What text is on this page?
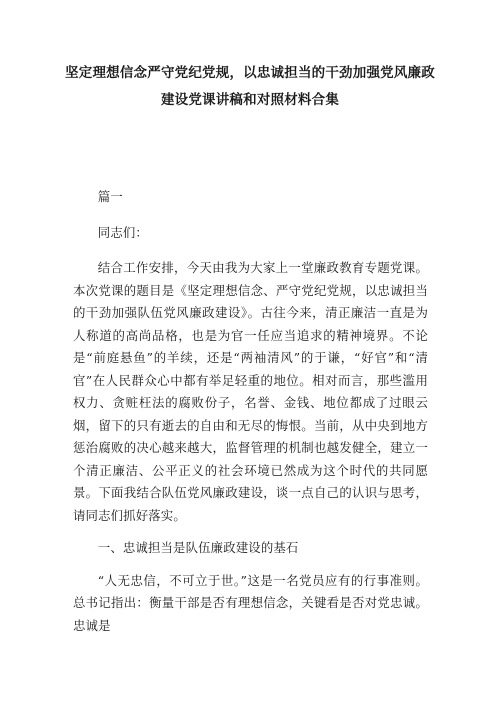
坚定理想信念严守党纪党规，以忠诚担当的干劲加强党风廉政建设党课讲稿和对照材料合集

篇一

同志们：

结合工作安排，今天由我为大家上一堂廉政教育专题党课。本次党课的题目是《坚定理想信念、严守党纪党规，以忠诚担当的干劲加强队伍党风廉政建设》。古往今来，清正廉洁一直是为人称道的高尚品格，也是为官一任应当追求的精神境界。不论是“前庭悬鱼”的羊续，还是“两袖清风”的于谦，“好官”和“清官”在人民群众心中都有举足轻重的地位。相对而言，那些滥用权力、贪赃枉法的腐败份子，名誉、金钱、地位都成了过眼云烟，留下的只有逝去的自由和无尽的悔恨。当前，从中央到地方惩治腐败的决心越来越大，监督管理的机制也越发健全，建立一个清正廉洁、公平正义的社会环境已然成为这个时代的共同愿景。下面我结合队伍党风廉政建设，谈一点自己的认识与思考，请同志们抓好落实。

一、忠诚担当是队伍廉政建设的基石

“人无忠信，不可立于世。”这是一名党员应有的行事准则。总书记指出：衡量干部是否有理想信念，关键看是否对党忠诚。忠诚是
